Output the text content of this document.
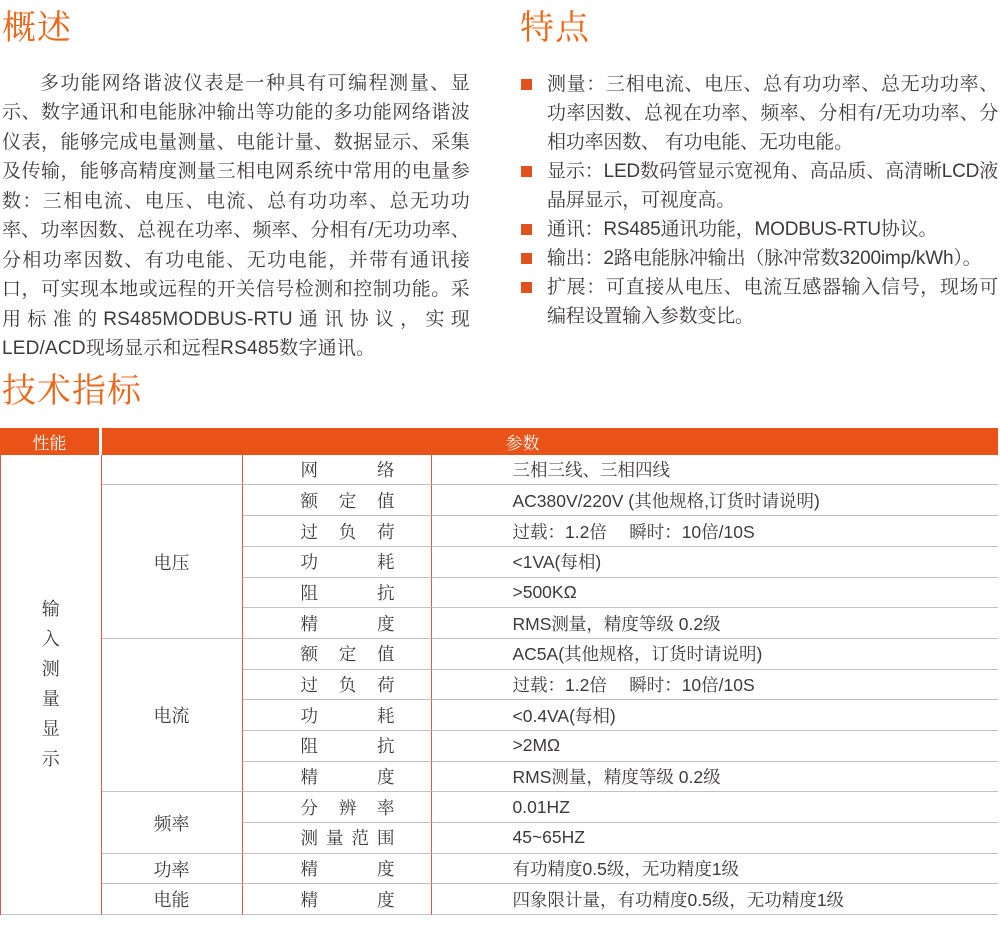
概述

多功能网络谐波仪表是一种具有可编程测量、显示、数字通讯和电能脉冲输出等功能的多功能网络谐波仪表，能够完成电量测量、电能计量、数据显示、采集及传输，能够高精度测量三相电网系统中常用的电量参数：三相电流、电压、电流、总有功功率、总无功功率、功率因数、总视在功率、频率、分相有/无功功率、分相功率因数、有功电能、无功电能，并带有通讯接口，可实现本地或远程的开关信号检测和控制功能。采用标准的RS485MODBUS-RTU通讯协议，实现LED/ACD现场显示和远程RS485数字通讯。

特点
测量：三相电流、电压、总有功功率、总无功功率、功率因数、总视在功率、频率、分相有/无功功率、分相功率因数、 有功电能、无功电能。
显示：LED数码管显示宽视角、高品质、高清晰LCD液晶屏显示，可视度高。
通讯：RS485通讯功能，MODBUS-RTU协议。
输出：2路电能脉冲输出（脉冲常数3200imp/kWh）。
扩展：可直接从电压、电流互感器输入信号，现场可编程设置输入参数变比。
技术指标
性能	参数
输
入
测
量
显
示
网络	三相三线、三相四线
电压
额定值	AC380V/220V (其他规格,订货时请说明)
过负荷	过载：1.2倍　 瞬时：10倍/10S
功耗	<1VA(每相)
阻抗	>500KΩ
精度	RMS测量，精度等级 0.2级
电流
额定值	AC5A(其他规格，订货时请说明)
过负荷	过载：1.2倍　 瞬时：10倍/10S
功耗	<0.4VA(每相)
阻抗	>2MΩ
精度	RMS测量，精度等级 0.2级
频率
分辨率	0.01HZ
测量范围	45~65HZ
功率	精度	有功精度0.5级，无功精度1级
电能	精度	四象限计量，有功精度0.5级，无功精度1级
